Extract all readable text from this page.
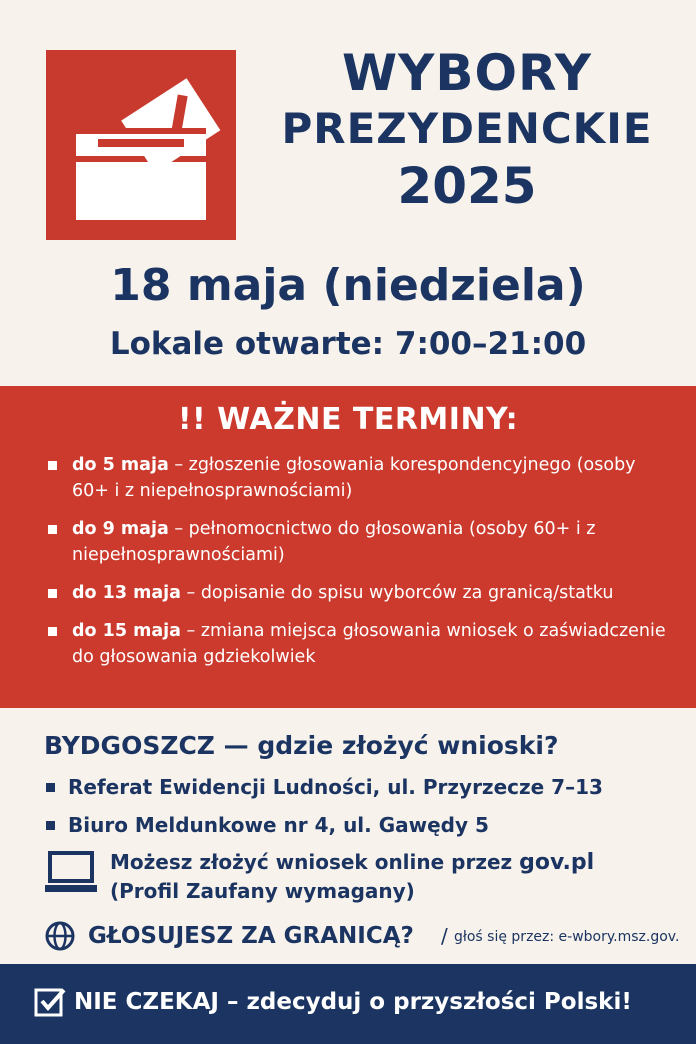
WYBORY
PREZYDENCKIE
2025
18 maja (niedziela)
Lokale otwarte: 7:00–21:00
!! WAŻNE TERMINY:
do 5 maja – zgłoszenie głosowania korespondencyjnego (osoby 60+ i z niepełnosprawnościami)
do 9 maja – pełnomocnictwo do głosowania (osoby 60+ i z niepełnosprawnościami)
do 13 maja – dopisanie do spisu wyborców za granicą/statku
do 15 maja – zmiana miejsca głosowania wniosek o zaświadczenie do głosowania gdziekolwiek
BYDGOSZCZ — gdzie złożyć wnioski?
Referat Ewidencji Ludności, ul. Przyrzecze 7–13
Biuro Meldunkowe nr 4, ul. Gawędy 5
Możesz złożyć wniosek online przez gov.pl
(Profil Zaufany wymagany)
GŁOSUJESZ ZA GRANICĄ? / głoś się przez: e-wbory.msz.gov.
NIE CZEKAJ – zdecyduj o przyszłości Polski!
